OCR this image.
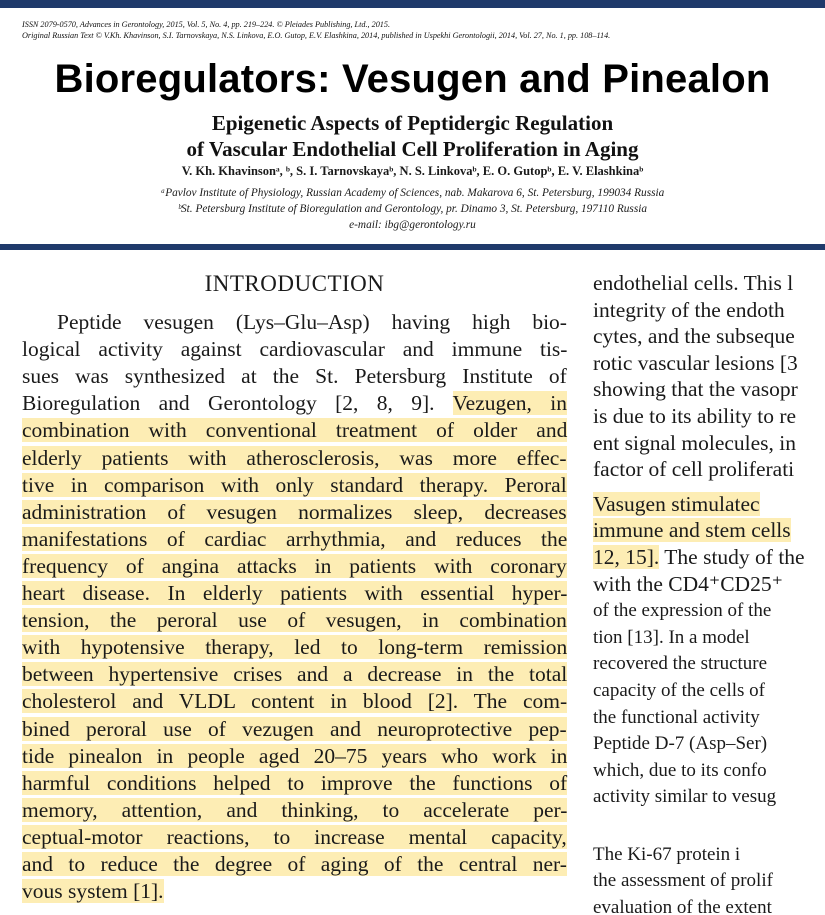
ISSN 2079-0570, Advances in Gerontology, 2015, Vol. 5, No. 4, pp. 219–224. © Pleiades Publishing, Ltd., 2015.
Original Russian Text © V.Kh. Khavinson, S.I. Tarnovskaya, N.S. Linkova, E.O. Gutop, E.V. Elashkina, 2014, published in Uspekhi Gerontologii, 2014, Vol. 27, No. 1, pp. 108–114.
Bioregulators: Vesugen and Pinealon
Epigenetic Aspects of Peptidergic Regulation
of Vascular Endothelial Cell Proliferation in Aging
V. Kh. Khavinsonᵃ, ᵇ, S. I. Tarnovskayaᵇ, N. S. Linkovaᵇ, E. O. Gutopᵇ, E. V. Elashkinaᵇ
ᵃPavlov Institute of Physiology, Russian Academy of Sciences, nab. Makarova 6, St. Petersburg, 199034 Russia
ᵇSt. Petersburg Institute of Bioregulation and Gerontology, pr. Dinamo 3, St. Petersburg, 197110 Russia
e-mail: ibg@gerontology.ru
INTRODUCTION
Peptide vesugen (Lys–Glu–Asp) having high bio-
logical activity against cardiovascular and immune tis-
sues was synthesized at the St. Petersburg Institute of
Bioregulation and Gerontology [2, 8, 9]. Vezugen, in
combination with conventional treatment of older and
elderly patients with atherosclerosis, was more effec-
tive in comparison with only standard therapy. Peroral
administration of vesugen normalizes sleep, decreases
manifestations of cardiac arrhythmia, and reduces the
frequency of angina attacks in patients with coronary
heart disease. In elderly patients with essential hyper-
tension, the peroral use of vesugen, in combination
with hypotensive therapy, led to long-term remission
between hypertensive crises and a decrease in the total
cholesterol and VLDL content in blood [2]. The com-
bined peroral use of vezugen and neuroprotective pep-
tide pinealon in people aged 20–75 years who work in
harmful conditions helped to improve the functions of
memory, attention, and thinking, to accelerate per-
ceptual-motor reactions, to increase mental capacity,
and to reduce the degree of aging of the central ner-
vous system [1].
endothelial cells. This l
integrity of the endoth
cytes, and the subseque
rotic vascular lesions [3
showing that the vasopr
is due to its ability to re
ent signal molecules, in
factor of cell proliferati
Vasugen stimulatec
immune and stem cells
12, 15]. The study of the
with the CD4⁺CD25⁺
of the expression of the
tion [13]. In a model
recovered the structure
capacity of the cells of
the functional activity
Peptide D-7 (Asp–Ser)
which, due to its confo
activity similar to vesug
The Ki-67 protein i
the assessment of prolif
evaluation of the extent
